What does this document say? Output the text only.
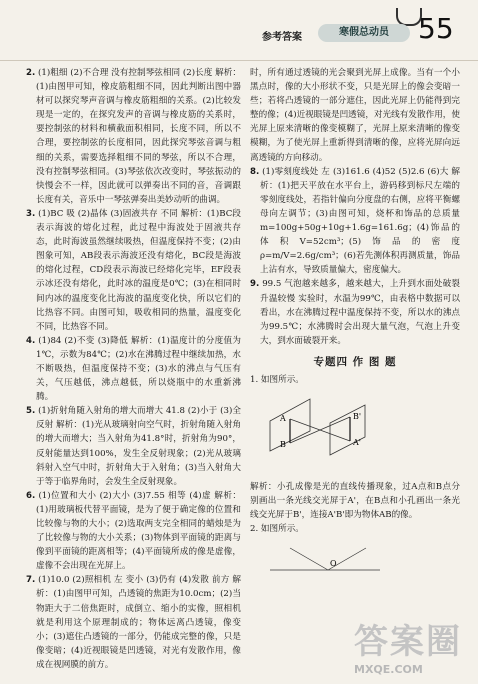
参考答案	寒假总动员	55

2. (1)粗细 (2)不合理 没有控制琴弦相同 (2)长度 解析：(1)由图甲可知，橡皮筋粗细不同，因此判断出图中器材可以探究琴声音调与橡皮筋粗细的关系。(2)比较发现是一定的，在探究发声的音调与橡皮筋的关系时，要控制弦的材料和横截面积相同，长度不同，所以不合理，要控制弦的长度相同，因此探究琴弦音调与粗细的关系，需要选择粗细不同的琴弦，所以不合理，没有控制琴弦相同。(3)琴弦依次改变时，琴弦振动的快慢会不一样，因此就可以弹奏出不同的音，音调跟长度有关，音乐中一琴弦弹奏出美妙动听的曲调。

3. (1)BC 吸 (2)晶体 (3)固液共存 不同 解析：(1)BC段表示海波的熔化过程，此过程中海波处于固液共存态，此时海波虽然继续吸热，但温度保持不变；(2)由图象可知，AB段表示海波还没有熔化，BC段是海波的熔化过程，CD段表示海波已经熔化完毕，EF段表示冰还没有熔化，此时冰的温度是0℃；(3)在相同时间内冰的温度变化比海波的温度变化快，所以它们的比热容不同。由图可知，吸收相同的热量，温度变化不同，比热容不同。

4. (1)84 (2)不变 (3)降低 解析：(1)温度计的分度值为1℃，示数为84℃；(2)水在沸腾过程中继续加热，水不断吸热，但温度保持不变；(3)水的沸点与气压有关，气压越低，沸点越低，所以烧瓶中的水重新沸腾。

5. (1)折射角随入射角的增大而增大 41.8 (2)小于 (3)全反射 解析：(1)光从玻璃射向空气时，折射角随入射角的增大而增大；当入射角为41.8°时，折射角为90°，反射能量达到100%，发生全反射现象；(2)光从玻璃斜射入空气中时，折射角大于入射角；(3)当入射角大于等于临界角时，会发生全反射现象。

6. (1)位置和大小 (2)大小 (3)7.55 相等 (4)虚 解析：(1)用玻璃板代替平面镜，是为了便于确定像的位置和比较像与物的大小；(2)选取两支完全相同的蜡烛是为了比较像与物的大小关系；(3)物体到平面镜的距离与像到平面镜的距离相等；(4)平面镜所成的像是虚像，虚像不会出现在光屏上。

7. (1)10.0 (2)照相机 左 变小 (3)仍有 (4)发散 前方 解析：(1)由图甲可知，凸透镜的焦距为10.0cm；(2)当物距大于二倍焦距时，成倒立、缩小的实像，照相机就是利用这个原理制成的；物体远离凸透镜，像变小；(3)遮住凸透镜的一部分，仍能成完整的像，只是像变暗；(4)近视眼镜是凹透镜，对光有发散作用，像成在视网膜的前方。

时，所有通过透镜的光会聚到光屏上成像。当有一个小黑点时，像的大小形状不变，只是光屏上的像会变暗一些；若将凸透镜的一部分遮住，因此光屏上仍能得到完整的像；(4)近视眼镜是凹透镜，对光线有发散作用，使光屏上原来清晰的像变模糊了，光屏上原来清晰的像变模糊，为了使光屏上重新得到清晰的像，应将光屏向远离透镜的方向移动。

8. (1)零刻度线处 左 (3)161.6 (4)52 (5)2.6 (6)大 解析：(1)把天平放在水平台上，游码移到标尺左端的零刻度线处，若指针偏向分度盘的右侧，应将平衡螺母向左调节；(3)由图可知，烧杯和饰品的总质量m=100g+50g+10g+1.6g=161.6g；(4)饰品的体积V=52cm³；(5)饰品的密度ρ=m/V=2.6g/cm³；(6)若先测体积再测质量，饰品上沾有水，导致质量偏大，密度偏大。

9. 99.5 气泡越来越多，越来越大，上升到水面处破裂 升温较慢 实验时，水温为99℃，由表格中数据可以看出，水在沸腾过程中温度保持不变，所以水的沸点为99.5℃；水沸腾时会出现大量气泡，气泡上升变大，到水面破裂开来。

专题四 作 图 题

1. 如图所示。

A
B	A'
B'

解析：小孔成像是光的直线传播现象，过A点和B点分别画出一条光线交光屏于A'，在B点和小孔画出一条光线交光屏于B'，连接A'B'即为物体AB的像。

2. 如图所示。

O
答案圈
MXQE.COM
